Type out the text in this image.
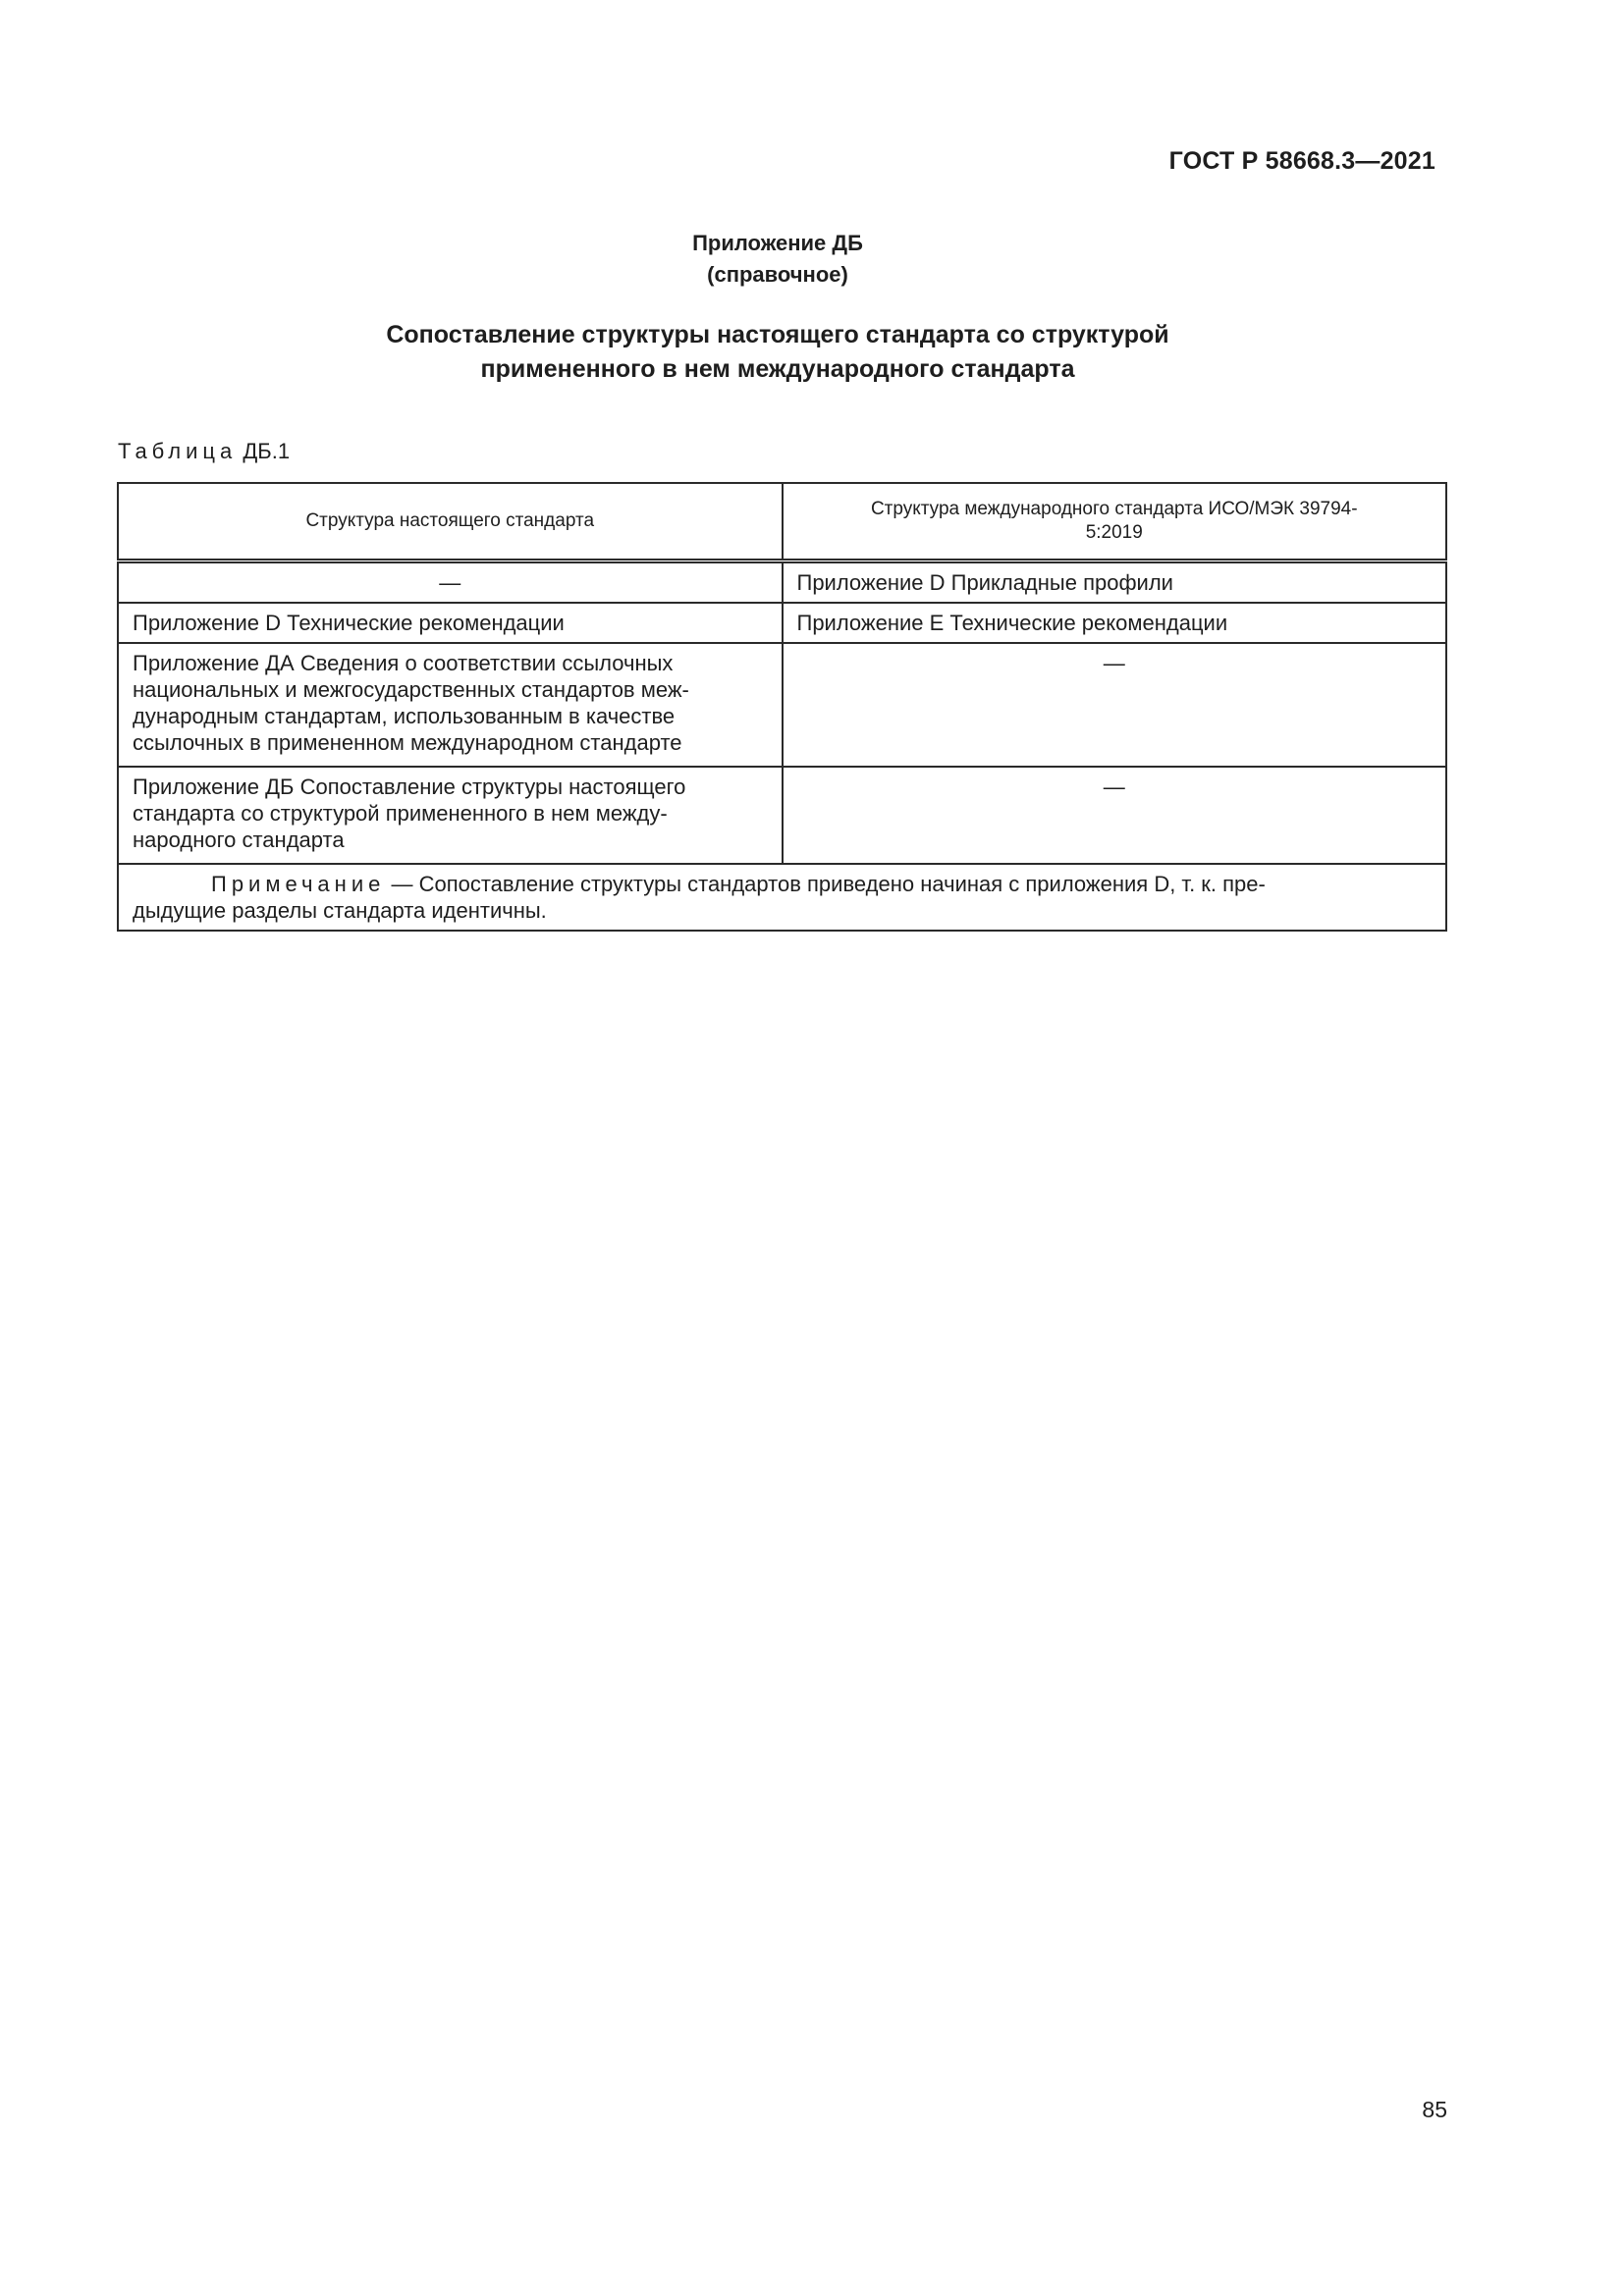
ГОСТ Р 58668.3—2021
Приложение ДБ
(справочное)
Сопоставление структуры настоящего стандарта со структурой
примененного в нем международного стандарта
Таблица ДБ.1
Структура настоящего стандарта	Структура международного стандарта ИСО/МЭК 39794-
5:2019
—	Приложение D Прикладные профили
Приложение D Технические рекомендации	Приложение E Технические рекомендации
Приложение ДА Сведения о соответствии ссылочных
национальных и межгосударственных стандартов меж-
дународным стандартам, использованным в качестве
ссылочных в примененном международном стандарте	—
Приложение ДБ Сопоставление структуры настоящего
стандарта со структурой примененного в нем между-
народного стандарта	—
Примечание — Сопоставление структуры стандартов приведено начиная с приложения D, т. к. пре-
дыдущие разделы стандарта идентичны.	
85
